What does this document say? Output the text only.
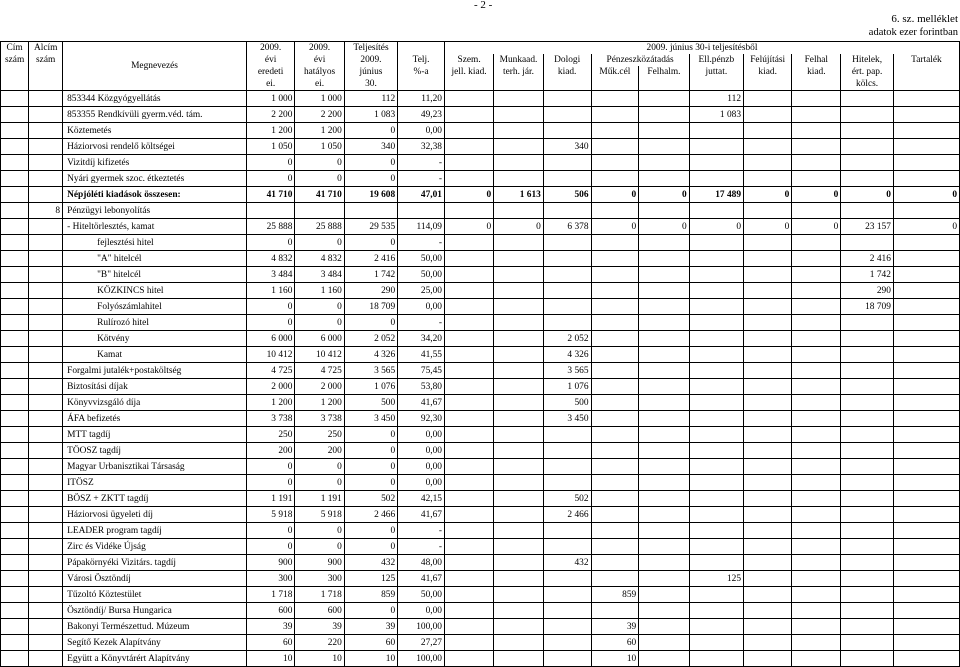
- 2 -
6. sz. melléklet
adatok ezer forintban
Cím	Alcím		2009.	2009.	Teljesítés		2009. június 30-i teljesítésből									
szám	szám	Megnevezés	évi	évi	2009.	Telj.	Szem.	Munkaad.	Dologi	Pénzeszközátadás		Ell.pénzb	Felújítási	Felhal	Hitelek,	Tartalék
			eredeti	hatályos	június	%-a	jell. kiad.	terh. jár.	kiad.	Műk.cél	Felhalm.	juttat.	kiad.	kiad.	ért. pap.	
			ei.	ei.	30.										kölcs.	
		853344 Közgyógyellátás	1 000	1 000	112	11,20						112				
		853355 Rendkívüli gyerm.véd. tám.	2 200	2 200	1 083	49,23						1 083				
		Köztemetés	1 200	1 200	0	0,00										
		Háziorvosi rendelő költségei	1 050	1 050	340	32,38			340							
		Vizitdíj kifizetés	0	0	0	-										
		Nyári gyermek szoc. étkeztetés	0	0	0	-										
		Népjóléti kiadások összesen:	41 710	41 710	19 608	47,01	0	1 613	506	0	0	17 489	0	0	0	0
	8	Pénzügyi lebonyolítás														
		- Hiteltörlesztés, kamat	25 888	25 888	29 535	114,09	0	0	6 378	0	0	0	0	0	23 157	0
		fejlesztési hitel	0	0	0	-										
		"A" hitelcél	4 832	4 832	2 416	50,00									2 416	
		"B" hitelcél	3 484	3 484	1 742	50,00									1 742	
		KÖZKINCS hitel	1 160	1 160	290	25,00									290	
		Folyószámlahitel	0	0	18 709	0,00									18 709	
		Rulírozó hitel	0	0	0	-										
		Kötvény	6 000	6 000	2 052	34,20			2 052							
		Kamat	10 412	10 412	4 326	41,55			4 326							
		Forgalmi jutalék+postaköltség	4 725	4 725	3 565	75,45			3 565							
		Biztosítási díjak	2 000	2 000	1 076	53,80			1 076							
		Könyvvizsgáló díja	1 200	1 200	500	41,67			500							
		ÁFA befizetés	3 738	3 738	3 450	92,30			3 450							
		MTT tagdíj	250	250	0	0,00										
		TÖOSZ tagdíj	200	200	0	0,00										
		Magyar Urbanisztikai Társaság	0	0	0	0,00										
		ITÖSZ	0	0	0	0,00										
		BÖSZ + ZKTT tagdíj	1 191	1 191	502	42,15			502							
		Háziorvosi ügyeleti díj	5 918	5 918	2 466	41,67			2 466							
		LEADER program tagdíj	0	0	0	-										
		Zirc és Vidéke Újság	0	0	0	-										
		Pápakörnyéki Vizitárs. tagdíj	900	900	432	48,00			432							
		Városi Ösztöndíj	300	300	125	41,67						125				
		Tűzoltó Köztestület	1 718	1 718	859	50,00				859						
		Ösztöndíj/ Bursa Hungarica	600	600	0	0,00										
		Bakonyi Természettud. Múzeum	39	39	39	100,00				39						
		Segítő Kezek Alapítvány	60	220	60	27,27				60						
		Együtt a Könyvtárért Alapítvány	10	10	10	100,00				10						
